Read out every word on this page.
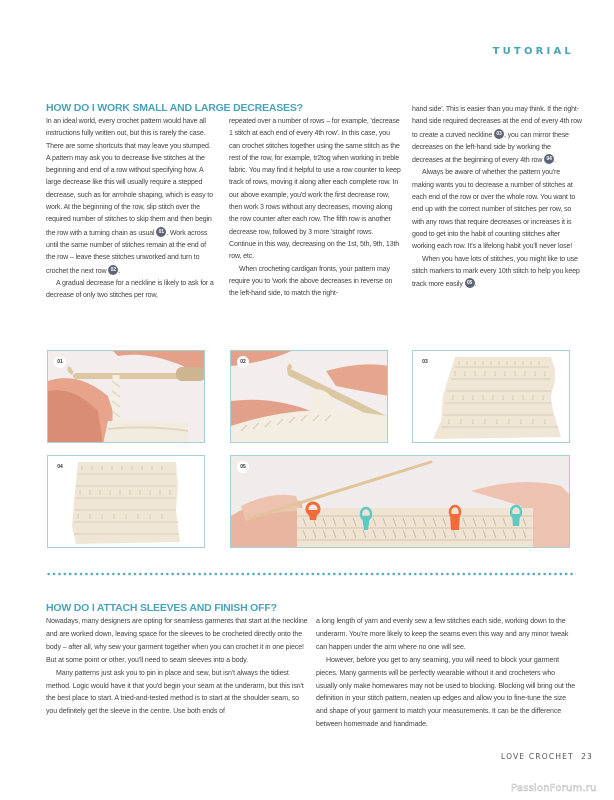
TUTORIAL
HOW DO I WORK SMALL AND LARGE DECREASES?

In an ideal world, every crochet pattern would have all instructions fully written out, but this is rarely the case. There are some shortcuts that may leave you stumped. A pattern may ask you to decrease five stitches at the beginning and end of a row without specifying how. A large decrease like this will usually require a stepped decrease, such as for armhole shaping, which is easy to work. At the beginning of the row, slip stitch over the required number of stitches to skip them and then begin the row with a turning chain as usual 01 . Work across until the same number of stitches remain at the end of the row – leave these stitches unworked and turn to crochet the next row 02 .

A gradual decrease for a neckline is likely to ask for a decrease of only two stitches per row,

repeated over a number of rows – for example, 'decrease 1 stitch at each end of every 4th row'. In this case, you can crochet stitches together using the same stitch as the rest of the row, for example, tr2tog when working in treble fabric. You may find it helpful to use a row counter to keep track of rows, moving it along after each complete row. In our above example, you'd work the first decrease row, then work 3 rows without any decreases, moving along the row counter after each row. The fifth row is another decrease row, followed by 3 more 'straight' rows. Continue in this way, decreasing on the 1st, 5th, 9th, 13th row, etc.

When crocheting cardigan fronts, your pattern may require you to 'work the above decreases in reverse on the left-hand side, to match the right-

hand side'. This is easier than you may think. If the right-hand side required decreases at the end of every 4th row to create a curved neckline 03 , you can mirror these decreases on the left-hand side by working the decreases at the beginning of every 4th row 04 .

Always be aware of whether the pattern you're making wants you to decrease a number of stitches at each end of the row or over the whole row. You want to end up with the correct number of stitches per row, so with any rows that require decreases or increases it is good to get into the habit of counting stitches after working each row. It's a lifelong habit you'll never lose!

When you have lots of stitches, you might like to use stitch markers to mark every 10th stitch to help you keep track more easily 05 .

01	02	03
04	05
HOW DO I ATTACH SLEEVES AND FINISH OFF?

Nowadays, many designers are opting for seamless garments that start at the neckline and are worked down, leaving space for the sleeves to be crocheted directly onto the body – after all, why sew your garment together when you can crochet it in one piece! But at some point or other, you'll need to seam sleeves into a body.

Many patterns just ask you to pin in place and sew, but isn't always the tidiest method. Logic would have it that you'd begin your seam at the underarm, but this isn't the best place to start. A tried-and-tested method is to start at the shoulder seam, so you definitely get the sleeve in the centre. Use both ends of

a long length of yarn and evenly sew a few stitches each side, working down to the underarm. You're more likely to keep the seams even this way and any minor tweak can happen under the arm where no one will see.

However, before you get to any seaming, you will need to block your garment pieces. Many garments will be perfectly wearable without it and crocheters who usually only make homewares may not be used to blocking. Blocking will bring out the definition in your stitch pattern, neaten up edges and allow you to fine-tune the size and shape of your garment to match your measurements. It can be the difference between homemade and handmade.

LOVE CROCHET 23
PassionForum.ru
